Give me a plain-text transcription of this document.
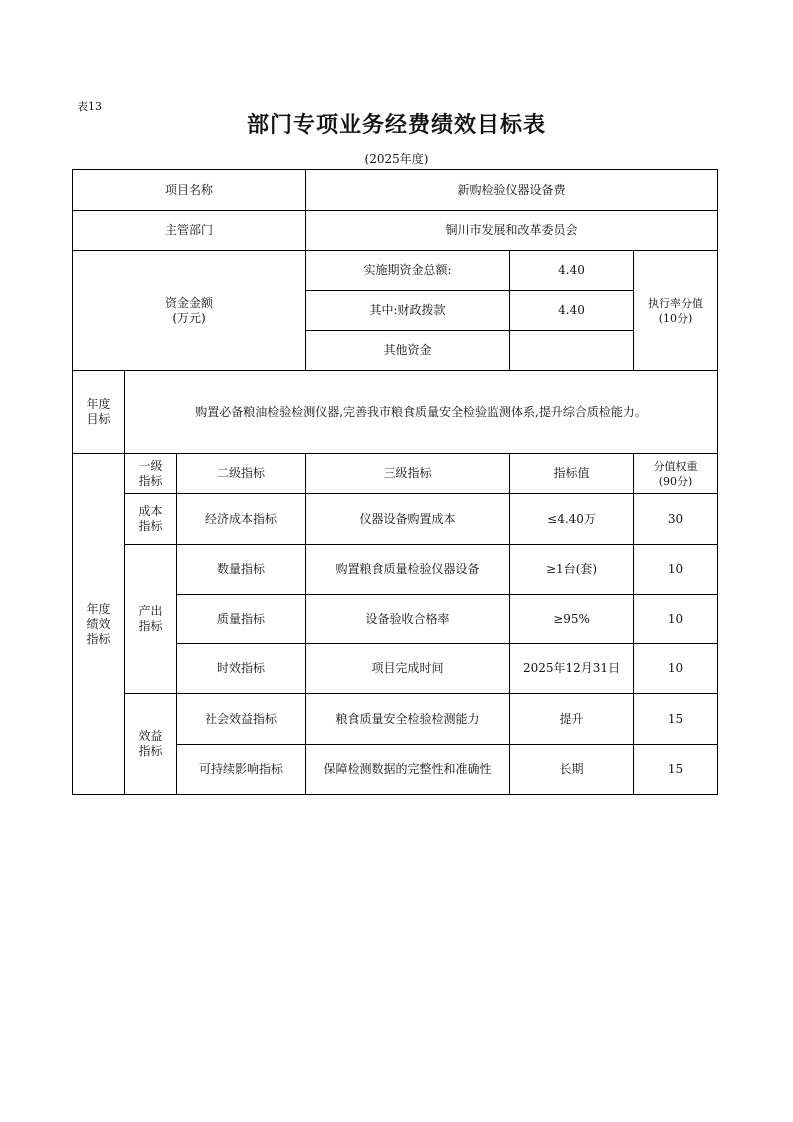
表13
部门专项业务经费绩效目标表
(2025年度)
项目名称			新购检验仪器设备费		
主管部门			铜川市发展和改革委员会		
资金金额
(万元)			实施期资金总额:	4.40	执行率分值
(10分)
			其中:财政拨款	4.40	
			其他资金		
年度目标	购置必备粮油检验检测仪器,完善我市粮食质量安全检验监测体系,提升综合质检能力。				
年度绩效指标	一级指标	二级指标	三级指标	指标值	分值权重
(90分)
	成本指标	经济成本指标	仪器设备购置成本	≤4.40万	30
	产出指标	数量指标	购置粮食质量检验仪器设备	≥1台(套)	10
		质量指标	设备验收合格率	≥95%	10
		时效指标	项目完成时间	2025年12月31日	10
	效益指标	社会效益指标	粮食质量安全检验检测能力	提升	15
		可持续影响指标	保障检测数据的完整性和准确性	长期	15
